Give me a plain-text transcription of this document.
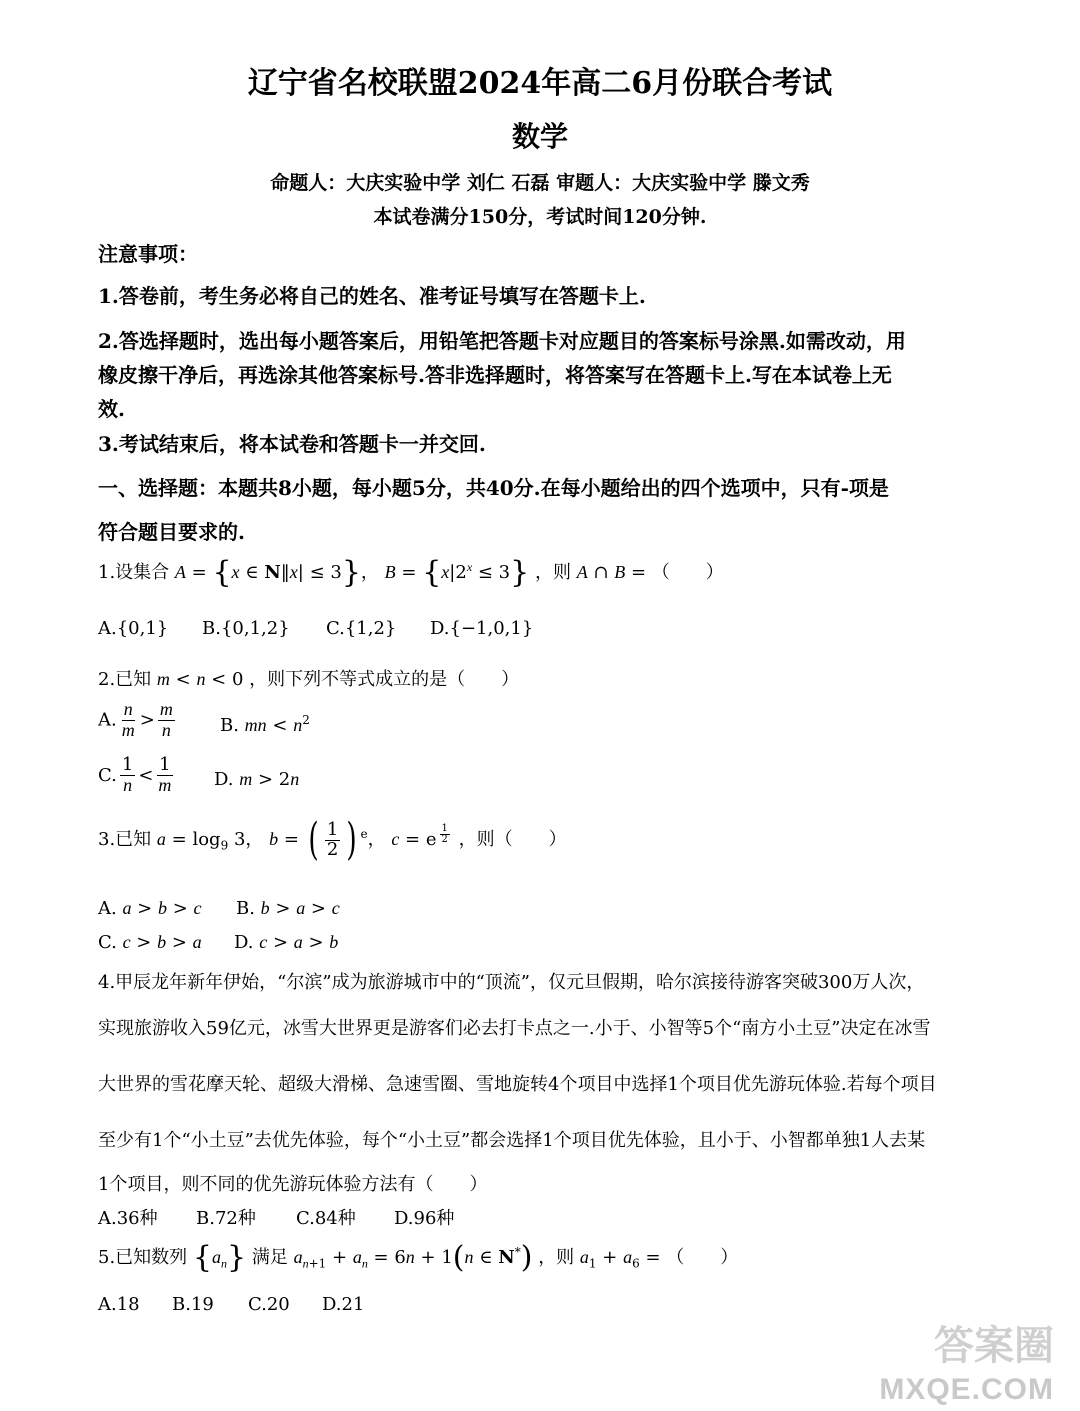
辽宁省名校联盟2024年高二6月份联合考试
数学
命题人：大庆实验中学 刘仁 石磊 审题人：大庆实验中学 滕文秀
本试卷满分150分，考试时间120分钟.
注意事项：
1.答卷前，考生务必将自己的姓名、准考证号填写在答题卡上.
2.答选择题时，选出每小题答案后，用铅笔把答题卡对应题目的答案标号涂黑.如需改动，用
橡皮擦干净后，再选涂其他答案标号.答非选择题时，将答案写在答题卡上.写在本试卷上无
效.
3.考试结束后，将本试卷和答题卡一并交回.
一、选择题：本题共8小题，每小题5分，共40分.在每小题给出的四个选项中，只有-项是
符合题目要求的.
1.设集合 A = {x ∈ N‖x| ≤ 3}， $B = \{x|2^x \le 3\}$ ，则 A ∩ B = （　　）
A.{0,1} B.{0,1,2} C.{1,2} D.{−1,0,1}
2.已知 m < n < 0 ，则下列不等式成立的是（　　）
A. $\frac{n}{m} > \frac{m}{n}$	B. mn < $n^2$
C. $\frac{1}{n} < \frac{1}{m} D$. m > 2n
3.已知 $a = \log_9 3$， b = ( $\frac{1}{2}$ ) $^e$， c = e $^{\frac{1}{2}}$ ，则（　　）
A. a > b > c B. b > a > c
C. c > b > a D. c > a > b
4.甲辰龙年新年伊始，“尔滨”成为旅游城市中的“顶流”，仅元旦假期，哈尔滨接待游客突破300万人次，
实现旅游收入59亿元，冰雪大世界更是游客们必去打卡点之一.小于、小智等5个“南方小土豆”决定在冰雪
大世界的雪花摩天轮、超级大滑梯、急速雪圈、雪地旋转4个项目中选择1个项目优先游玩体验.若每个项目
至少有1个“小土豆”去优先体验，每个“小土豆”都会选择1个项目优先体验，且小于、小智都单独1人去某
1个项目，则不同的优先游玩体验方法有（　　）
A.36种 B.72种 C.84种 D.96种
5.已知数列 $\{a_n\}$ 满足 $a_{n+1} + a_n = 6n + 1(n$ ∈ N*) ，则 $a_1 + a_6$ = （　　）
A.18 B.19 C.20 D.21
答案圈
MXQE.COM
